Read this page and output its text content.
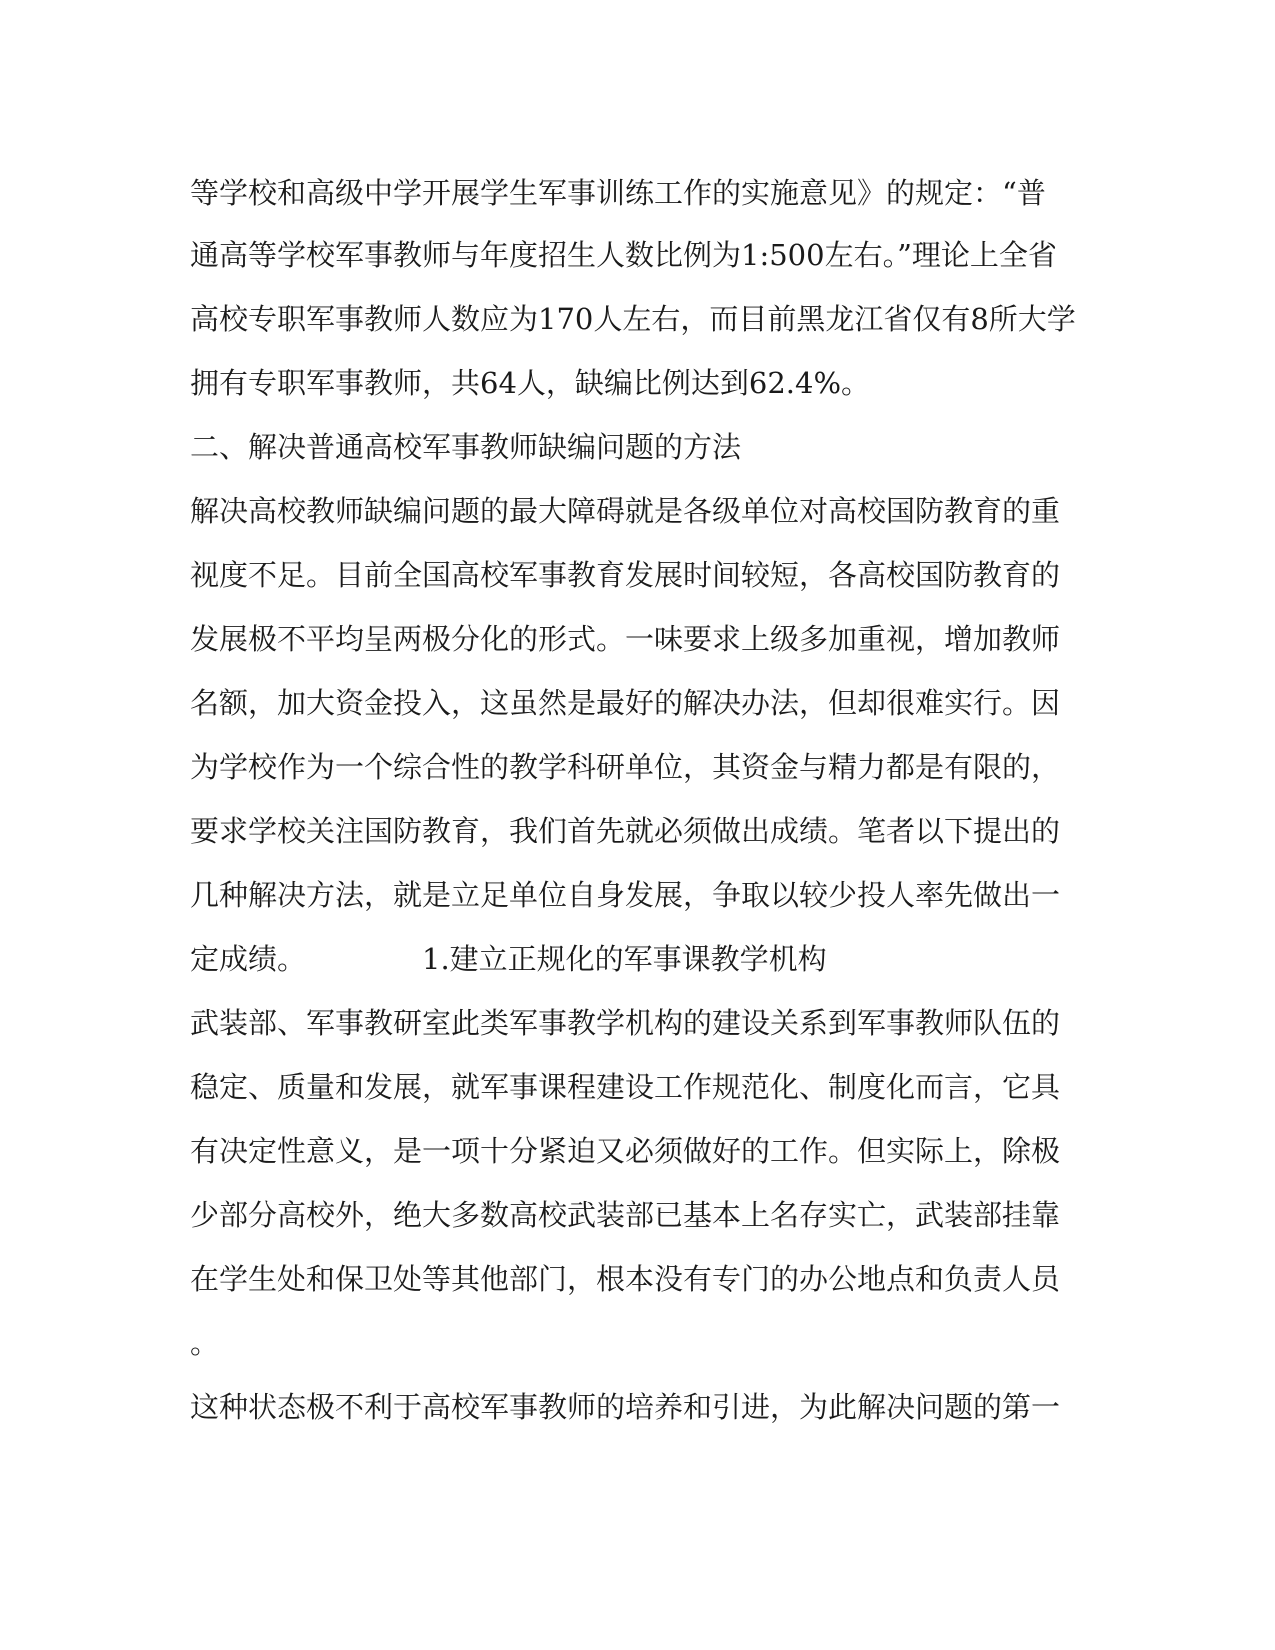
等学校和高级中学开展学生军事训练工作的实施意见》的规定：“普
通高等学校军事教师与年度招生人数比例为1:500左右。”理论上全省
高校专职军事教师人数应为170人左右，而目前黑龙江省仅有8所大学
拥有专职军事教师，共64人，缺编比例达到62.4%。
二、解决普通高校军事教师缺编问题的方法
解决高校教师缺编问题的最大障碍就是各级单位对高校国防教育的重
视度不足。目前全国高校军事教育发展时间较短，各高校国防教育的
发展极不平均呈两极分化的形式。一味要求上级多加重视，增加教师
名额，加大资金投入，这虽然是最好的解决办法，但却很难实行。因
为学校作为一个综合性的教学科研单位，其资金与精力都是有限的，
要求学校关注国防教育，我们首先就必须做出成绩。笔者以下提出的
几种解决方法，就是立足单位自身发展，争取以较少投人率先做出一
定成绩。	1.建立正规化的军事课教学机构
武装部、军事教研室此类军事教学机构的建设关系到军事教师队伍的
稳定、质量和发展，就军事课程建设工作规范化、制度化而言，它具
有决定性意义，是一项十分紧迫又必须做好的工作。但实际上，除极
少部分高校外，绝大多数高校武装部已基本上名存实亡，武装部挂靠
在学生处和保卫处等其他部门，根本没有专门的办公地点和负责人员
。
这种状态极不利于高校军事教师的培养和引进，为此解决问题的第一
